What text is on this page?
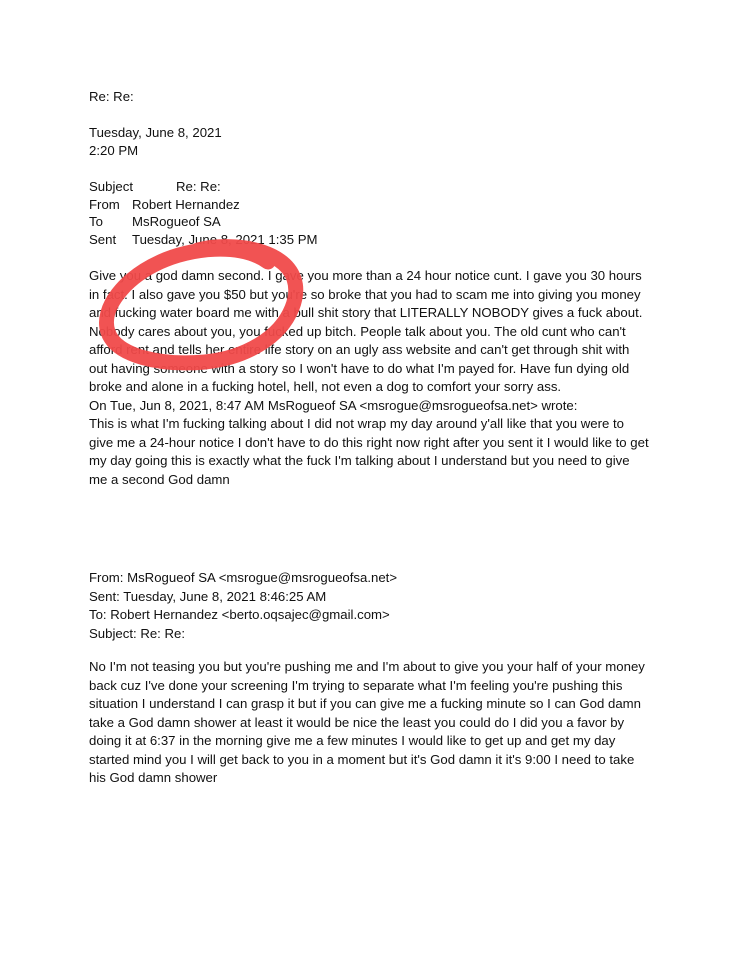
Re: Re:
Tuesday, June 8, 2021
2:20 PM
Subject	Re: Re:
From Robert Hernandez
To MsRogueof SA
Sent Tuesday, June 8, 2021 1:35 PM
Give you a god damn second. I gave you more than a 24 hour notice cunt. I gave you 30 hours
in fact. I also gave you $50 but you're so broke that you had to scam me into giving you money
and fucking water board me with a bull shit story that LITERALLY NOBODY gives a fuck about.
Nobody cares about you, you fucked up bitch. People talk about you. The old cunt who can't
afford rent and tells her entire life story on an ugly ass website and can't get through shit with
out having someone with a story so I won't have to do what I'm payed for. Have fun dying old
broke and alone in a fucking hotel, hell, not even a dog to comfort your sorry ass.
On Tue, Jun 8, 2021, 8:47 AM MsRogueof SA <msrogue@msrogueofsa.net> wrote:
This is what I'm fucking talking about I did not wrap my day around y'all like that you were to
give me a 24-hour notice I don't have to do this right now right after you sent it I would like to get
my day going this is exactly what the fuck I'm talking about I understand but you need to give
me a second God damn
From: MsRogueof SA <msrogue@msrogueofsa.net>
Sent: Tuesday, June 8, 2021 8:46:25 AM
To: Robert Hernandez <berto.oqsajec@gmail.com>
Subject: Re: Re:
No I'm not teasing you but you're pushing me and I'm about to give you your half of your money
back cuz I've done your screening I'm trying to separate what I'm feeling you're pushing this
situation I understand I can grasp it but if you can give me a fucking minute so I can God damn
take a God damn shower at least it would be nice the least you could do I did you a favor by
doing it at 6:37 in the morning give me a few minutes I would like to get up and get my day
started mind you I will get back to you in a moment but it's God damn it it's 9:00 I need to take
his God damn shower
